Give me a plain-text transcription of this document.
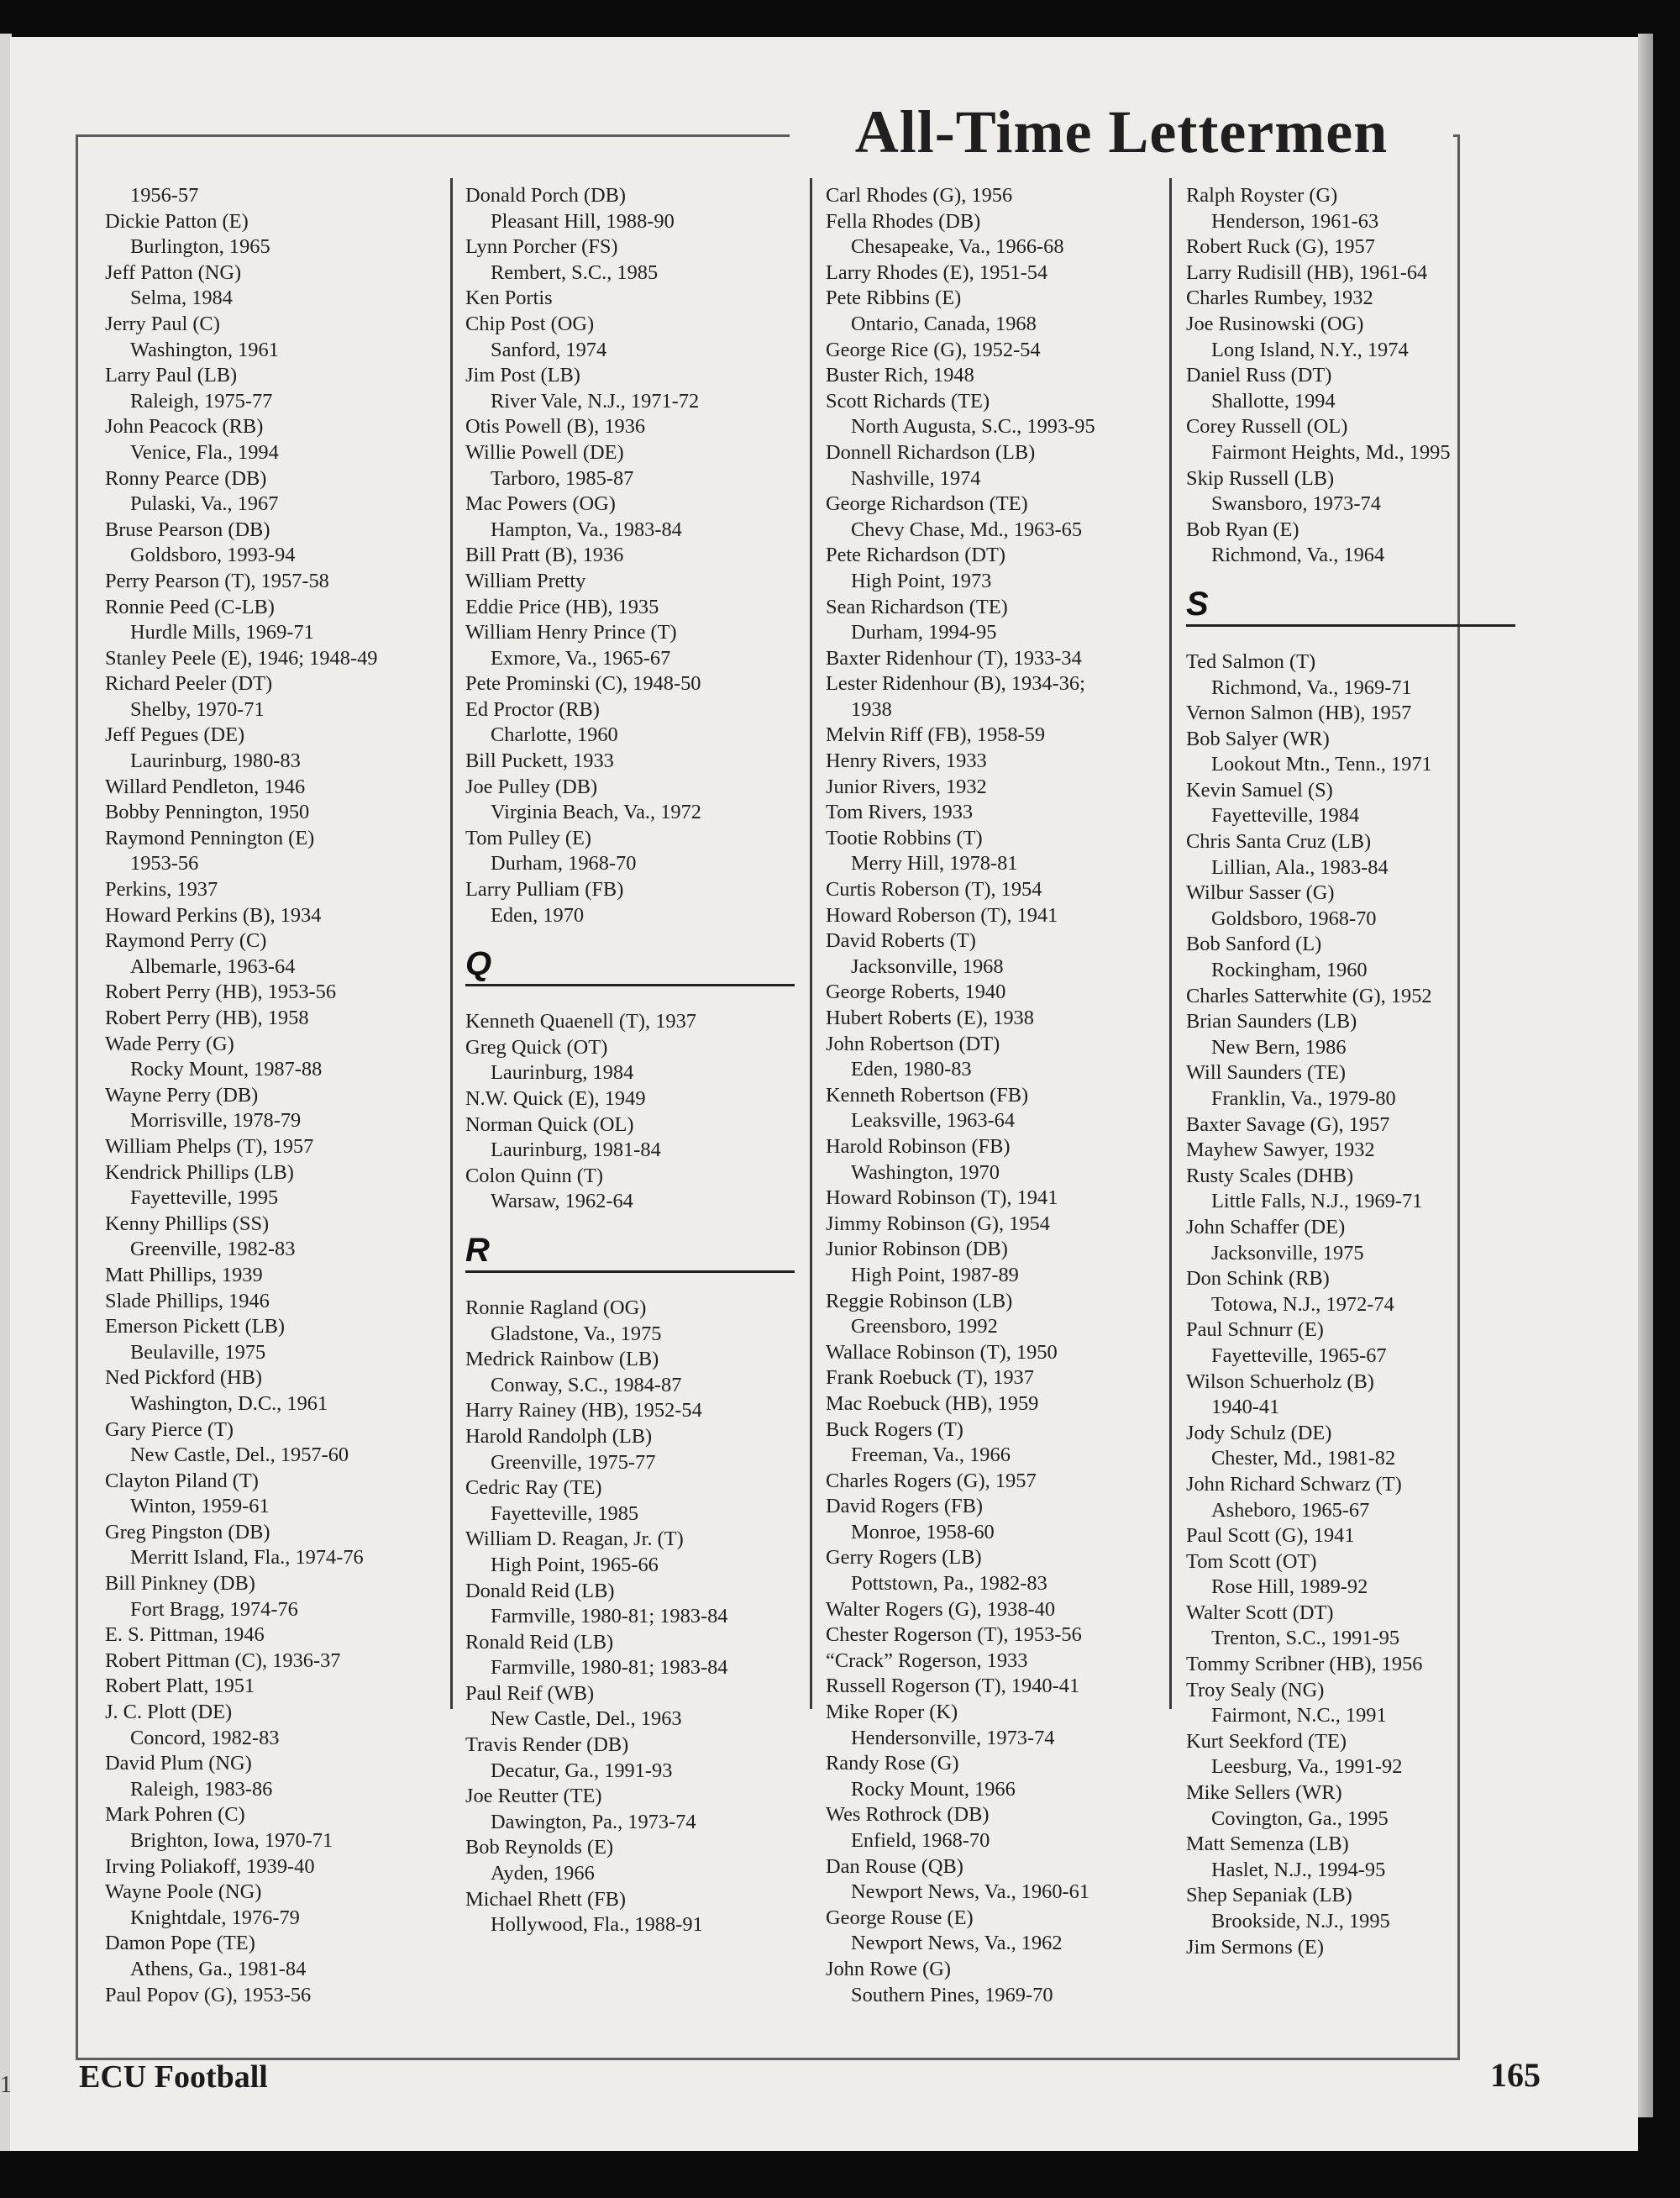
1
All-Time Lettermen
1956-57
Dickie Patton (E)
Burlington, 1965
Jeff Patton (NG)
Selma, 1984
Jerry Paul (C)
Washington, 1961
Larry Paul (LB)
Raleigh, 1975-77
John Peacock (RB)
Venice, Fla., 1994
Ronny Pearce (DB)
Pulaski, Va., 1967
Bruse Pearson (DB)
Goldsboro, 1993-94
Perry Pearson (T), 1957-58
Ronnie Peed (C-LB)
Hurdle Mills, 1969-71
Stanley Peele (E), 1946; 1948-49
Richard Peeler (DT)
Shelby, 1970-71
Jeff Pegues (DE)
Laurinburg, 1980-83
Willard Pendleton, 1946
Bobby Pennington, 1950
Raymond Pennington (E)
1953-56
Perkins, 1937
Howard Perkins (B), 1934
Raymond Perry (C)
Albemarle, 1963-64
Robert Perry (HB), 1953-56
Robert Perry (HB), 1958
Wade Perry (G)
Rocky Mount, 1987-88
Wayne Perry (DB)
Morrisville, 1978-79
William Phelps (T), 1957
Kendrick Phillips (LB)
Fayetteville, 1995
Kenny Phillips (SS)
Greenville, 1982-83
Matt Phillips, 1939
Slade Phillips, 1946
Emerson Pickett (LB)
Beulaville, 1975
Ned Pickford (HB)
Washington, D.C., 1961
Gary Pierce (T)
New Castle, Del., 1957-60
Clayton Piland (T)
Winton, 1959-61
Greg Pingston (DB)
Merritt Island, Fla., 1974-76
Bill Pinkney (DB)
Fort Bragg, 1974-76
E. S. Pittman, 1946
Robert Pittman (C), 1936-37
Robert Platt, 1951
J. C. Plott (DE)
Concord, 1982-83
David Plum (NG)
Raleigh, 1983-86
Mark Pohren (C)
Brighton, Iowa, 1970-71
Irving Poliakoff, 1939-40
Wayne Poole (NG)
Knightdale, 1976-79
Damon Pope (TE)
Athens, Ga., 1981-84
Paul Popov (G), 1953-56
Donald Porch (DB)
Pleasant Hill, 1988-90
Lynn Porcher (FS)
Rembert, S.C., 1985
Ken Portis
Chip Post (OG)
Sanford, 1974
Jim Post (LB)
River Vale, N.J., 1971-72
Otis Powell (B), 1936
Willie Powell (DE)
Tarboro, 1985-87
Mac Powers (OG)
Hampton, Va., 1983-84
Bill Pratt (B), 1936
William Pretty
Eddie Price (HB), 1935
William Henry Prince (T)
Exmore, Va., 1965-67
Pete Prominski (C), 1948-50
Ed Proctor (RB)
Charlotte, 1960
Bill Puckett, 1933
Joe Pulley (DB)
Virginia Beach, Va., 1972
Tom Pulley (E)
Durham, 1968-70
Larry Pulliam (FB)
Eden, 1970
Q
Kenneth Quaenell (T), 1937
Greg Quick (OT)
Laurinburg, 1984
N.W. Quick (E), 1949
Norman Quick (OL)
Laurinburg, 1981-84
Colon Quinn (T)
Warsaw, 1962-64
R
Ronnie Ragland (OG)
Gladstone, Va., 1975
Medrick Rainbow (LB)
Conway, S.C., 1984-87
Harry Rainey (HB), 1952-54
Harold Randolph (LB)
Greenville, 1975-77
Cedric Ray (TE)
Fayetteville, 1985
William D. Reagan, Jr. (T)
High Point, 1965-66
Donald Reid (LB)
Farmville, 1980-81; 1983-84
Ronald Reid (LB)
Farmville, 1980-81; 1983-84
Paul Reif (WB)
New Castle, Del., 1963
Travis Render (DB)
Decatur, Ga., 1991-93
Joe Reutter (TE)
Dawington, Pa., 1973-74
Bob Reynolds (E)
Ayden, 1966
Michael Rhett (FB)
Hollywood, Fla., 1988-91
Carl Rhodes (G), 1956
Fella Rhodes (DB)
Chesapeake, Va., 1966-68
Larry Rhodes (E), 1951-54
Pete Ribbins (E)
Ontario, Canada, 1968
George Rice (G), 1952-54
Buster Rich, 1948
Scott Richards (TE)
North Augusta, S.C., 1993-95
Donnell Richardson (LB)
Nashville, 1974
George Richardson (TE)
Chevy Chase, Md., 1963-65
Pete Richardson (DT)
High Point, 1973
Sean Richardson (TE)
Durham, 1994-95
Baxter Ridenhour (T), 1933-34
Lester Ridenhour (B), 1934-36;
1938
Melvin Riff (FB), 1958-59
Henry Rivers, 1933
Junior Rivers, 1932
Tom Rivers, 1933
Tootie Robbins (T)
Merry Hill, 1978-81
Curtis Roberson (T), 1954
Howard Roberson (T), 1941
David Roberts (T)
Jacksonville, 1968
George Roberts, 1940
Hubert Roberts (E), 1938
John Robertson (DT)
Eden, 1980-83
Kenneth Robertson (FB)
Leaksville, 1963-64
Harold Robinson (FB)
Washington, 1970
Howard Robinson (T), 1941
Jimmy Robinson (G), 1954
Junior Robinson (DB)
High Point, 1987-89
Reggie Robinson (LB)
Greensboro, 1992
Wallace Robinson (T), 1950
Frank Roebuck (T), 1937
Mac Roebuck (HB), 1959
Buck Rogers (T)
Freeman, Va., 1966
Charles Rogers (G), 1957
David Rogers (FB)
Monroe, 1958-60
Gerry Rogers (LB)
Pottstown, Pa., 1982-83
Walter Rogers (G), 1938-40
Chester Rogerson (T), 1953-56
“Crack” Rogerson, 1933
Russell Rogerson (T), 1940-41
Mike Roper (K)
Hendersonville, 1973-74
Randy Rose (G)
Rocky Mount, 1966
Wes Rothrock (DB)
Enfield, 1968-70
Dan Rouse (QB)
Newport News, Va., 1960-61
George Rouse (E)
Newport News, Va., 1962
John Rowe (G)
Southern Pines, 1969-70
Ralph Royster (G)
Henderson, 1961-63
Robert Ruck (G), 1957
Larry Rudisill (HB), 1961-64
Charles Rumbey, 1932
Joe Rusinowski (OG)
Long Island, N.Y., 1974
Daniel Russ (DT)
Shallotte, 1994
Corey Russell (OL)
Fairmont Heights, Md., 1995
Skip Russell (LB)
Swansboro, 1973-74
Bob Ryan (E)
Richmond, Va., 1964
S
Ted Salmon (T)
Richmond, Va., 1969-71
Vernon Salmon (HB), 1957
Bob Salyer (WR)
Lookout Mtn., Tenn., 1971
Kevin Samuel (S)
Fayetteville, 1984
Chris Santa Cruz (LB)
Lillian, Ala., 1983-84
Wilbur Sasser (G)
Goldsboro, 1968-70
Bob Sanford (L)
Rockingham, 1960
Charles Satterwhite (G), 1952
Brian Saunders (LB)
New Bern, 1986
Will Saunders (TE)
Franklin, Va., 1979-80
Baxter Savage (G), 1957
Mayhew Sawyer, 1932
Rusty Scales (DHB)
Little Falls, N.J., 1969-71
John Schaffer (DE)
Jacksonville, 1975
Don Schink (RB)
Totowa, N.J., 1972-74
Paul Schnurr (E)
Fayetteville, 1965-67
Wilson Schuerholz (B)
1940-41
Jody Schulz (DE)
Chester, Md., 1981-82
John Richard Schwarz (T)
Asheboro, 1965-67
Paul Scott (G), 1941
Tom Scott (OT)
Rose Hill, 1989-92
Walter Scott (DT)
Trenton, S.C., 1991-95
Tommy Scribner (HB), 1956
Troy Sealy (NG)
Fairmont, N.C., 1991
Kurt Seekford (TE)
Leesburg, Va., 1991-92
Mike Sellers (WR)
Covington, Ga., 1995
Matt Semenza (LB)
Haslet, N.J., 1994-95
Shep Sepaniak (LB)
Brookside, N.J., 1995
Jim Sermons (E)
ECU Football	165
